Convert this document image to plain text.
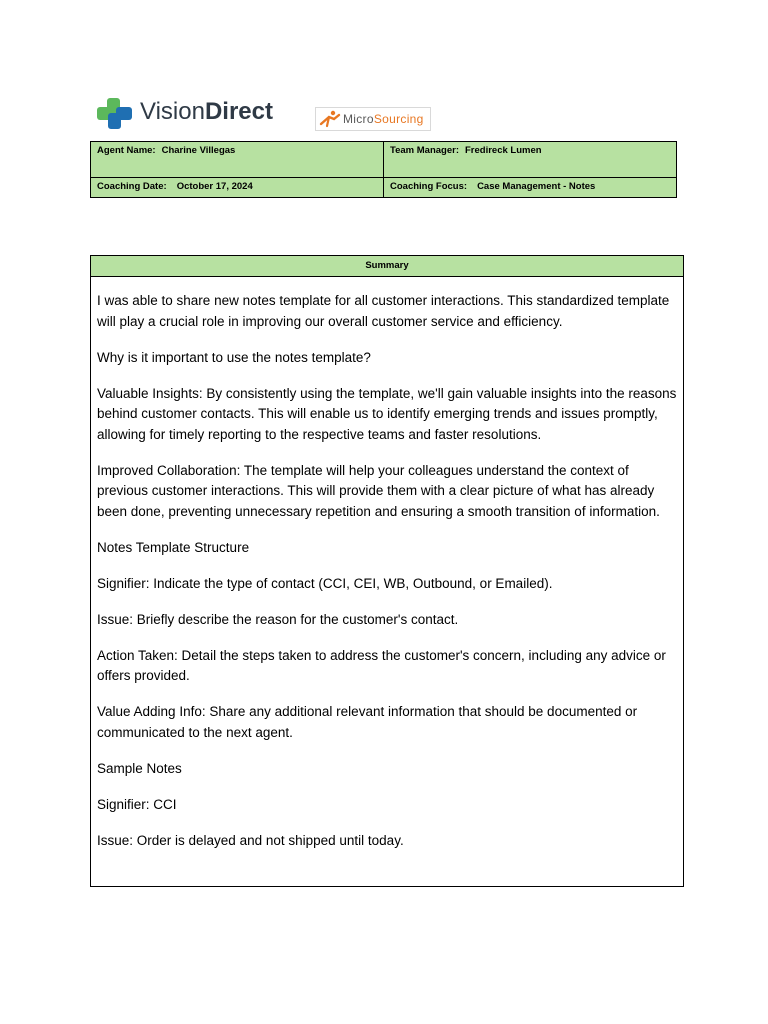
VisionDirect	MicroSourcing
Agent Name: Charine Villegas	Team Manager: Fredireck Lumen
Coaching Date: October 17, 2024	Coaching Focus: Case Management - Notes
Summary

I was able to share new notes template for all customer interactions. This standardized template will play a crucial role in improving our overall customer service and efficiency.

Why is it important to use the notes template?

Valuable Insights: By consistently using the template, we'll gain valuable insights into the reasons behind customer contacts. This will enable us to identify emerging trends and issues promptly, allowing for timely reporting to the respective teams and faster resolutions.

Improved Collaboration: The template will help your colleagues understand the context of previous customer interactions. This will provide them with a clear picture of what has already been done, preventing unnecessary repetition and ensuring a smooth transition of information.

Notes Template Structure

Signifier: Indicate the type of contact (CCI, CEI, WB, Outbound, or Emailed).

Issue: Briefly describe the reason for the customer's contact.

Action Taken: Detail the steps taken to address the customer's concern, including any advice or offers provided.

Value Adding Info: Share any additional relevant information that should be documented or communicated to the next agent.

Sample Notes

Signifier: CCI

Issue: Order is delayed and not shipped until today.
